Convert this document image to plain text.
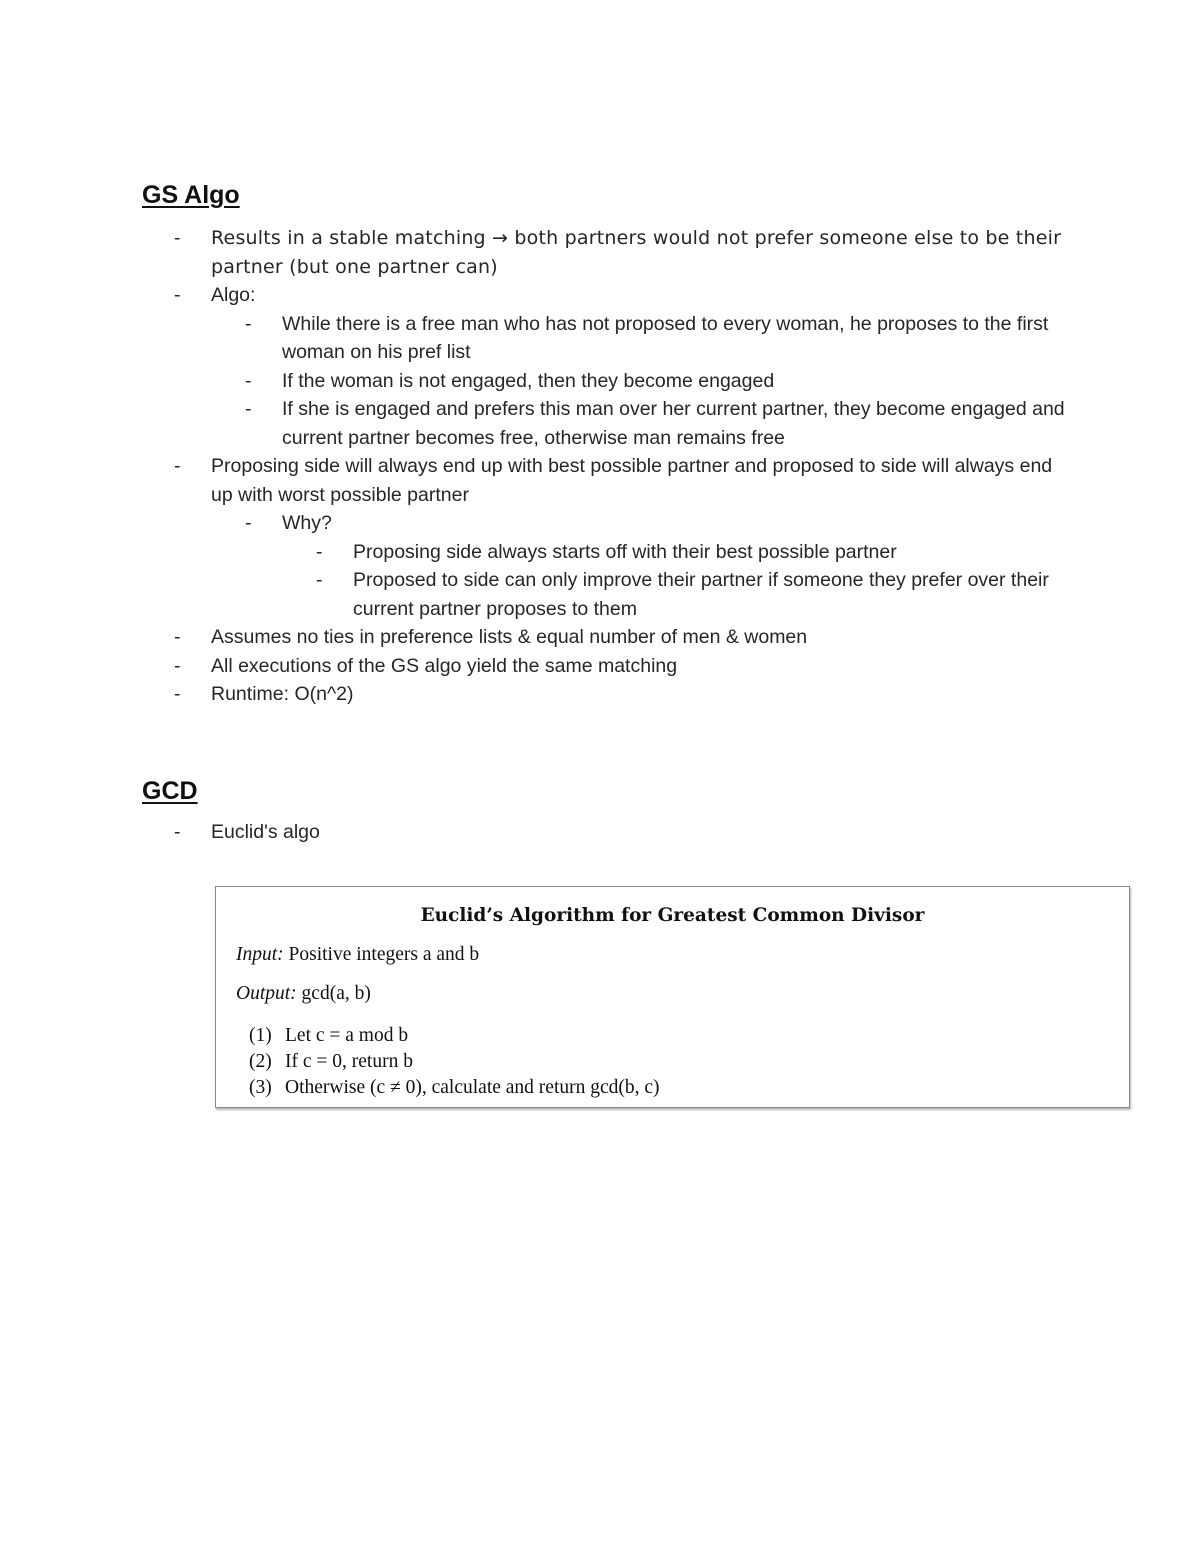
GS Algo
- Results in a stable matching → both partners would not prefer someone else to be their partner (but one partner can)
- Algo:
- While there is a free man who has not proposed to every woman, he proposes to the first woman on his pref list
- If the woman is not engaged, then they become engaged
- If she is engaged and prefers this man over her current partner, they become engaged and current partner becomes free, otherwise man remains free
- Proposing side will always end up with best possible partner and proposed to side will always end up with worst possible partner
- Why?
- Proposing side always starts off with their best possible partner
- Proposed to side can only improve their partner if someone they prefer over their current partner proposes to them
- Assumes no ties in preference lists & equal number of men & women
- All executions of the GS algo yield the same matching
- Runtime: O(n^2)
GCD
- Euclid's algo

Euclid’s Algorithm for Greatest Common Divisor

Input: Positive integers a and b
Output: gcd(a, b)
(1) Let c = a mod b
(2) If c = 0, return b
(3) Otherwise (c ≠ 0), calculate and return gcd(b, c)
